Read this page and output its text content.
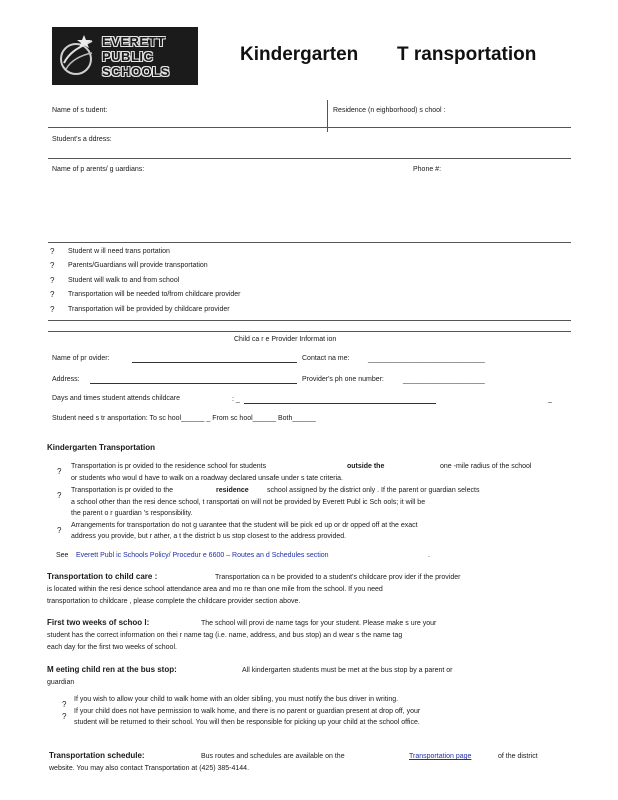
EVERETT
PUBLIC
SCHOOLS
Kindergarten T ransportation
Name of s tudent:	Residence (n eighborhood) s chool :
Student's a ddress:
Name of p arents/ g uardians:	Phone #:
? Student w ill need trans portation
? Parents/Guardians will provide transportation
? Student will walk to and from school
? Transportation will be needed to/from childcare provider
? Transportation will be provided by childcare provider
Child ca r e Provider Informat ion
Name of pr ovider:	Contact na me:	______________________________
Address:	Provider's ph one number:	_____________________
Days and times student attends childcare	: _	_
Student need s tr ansportation: To sc hool______ _ From sc hool______ Both______
Kindergarten Transportation
?
Transportation is pr ovided to the residence school for students	outside the	one -mile radius of the school
or students who woul d have to walk on a roadway declared unsafe under s tate criteria.
?
Transportation is pr ovided to the	residence	school assigned by the district only . If the parent or guardian selects
a school other than the resi dence school, t ransportati on will not be provided by Everett Publ ic Sch ools; it will be
the parent o r guardian 's responsibility.
?
Arrangements for transportation do not g uarantee that the student will be pick ed up or dr opped off at the exact
address you provide, but r ather, a t the district b us stop closest to the address provided.
See Everett Publ ic Schools Policy/ Procedur e 6600 – Routes an d Schedules section	.
Transportation to child care :	Transportation ca n be provided to a student's childcare prov ider if the provider
is located within the resi dence school attendance area and mo re than one mile from the school. If you need
transportation to childcare , please complete the childcare provider section above.
First two weeks of schoo l:	The school will provi de name tags for your student. Please make s ure your
student has the correct information on thei r name tag (i.e. name, address, and bus stop) an d wear s the name tag
each day for the first two weeks of school.
M eeting child ren at the bus stop:	All kindergarten students must be met at the bus stop by a parent or
guardian
?
If you wish to allow your child to walk home with an older sibling, you must notify the bus driver in writing.
?
If your child does not have permission to walk home, and there is no parent or guardian present at drop off, your
student will be returned to their school. You will then be responsible for picking up your child at the school office.
Transportation schedule:	Bus routes and schedules are available on the	Transportation page	of the district
website. You may also contact Transportation at (425) 385-4144.
